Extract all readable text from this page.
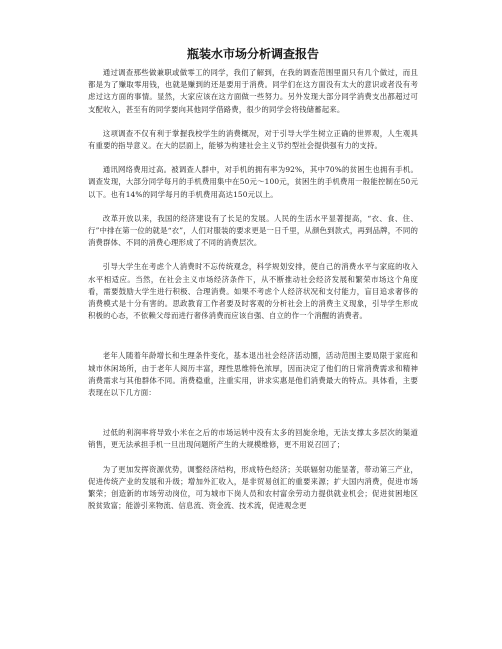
瓶装水市场分析调查报告

通过调查那些做兼职或做零工的同学，我们了解到，在我的调查范围里面只有几个做过，而且都是为了赚取零用钱，也就是赚到的还是要用于消费。同学们在这方面没有太大的意识或者没有考虑过这方面的事情。显然，大家应该在这方面做一些努力。另外发现大部分同学消费支出都超过可支配收入，甚至有的同学要向其他同学借路费，很少的同学会将钱储蓄起来。

这项调查不仅有利于掌握我校学生的消费概况，对于引导大学生树立正确的世界观，人生观具有重要的指导意义。在大的层面上，能够为构建社会主义节约型社会提供强有力的支持。

通讯网络费用过高。被调查人群中，对手机的拥有率为92%，其中70%的贫困生也拥有手机。调查发现，大部分同学每月的手机费用集中在50元～100元，贫困生的手机费用一般能控制在50元以下。也有14%的同学每月的手机费用高达150元以上。

改革开放以来，我国的经济建设有了长足的发展。人民的生活水平显著提高，“衣、食、住、行”中排在第一位的就是“衣”，人们对服装的要求更是一日千里，从颜色到款式，再到品牌，不同的消费群体、不同的消费心理形成了不同的消费层次。

引导大学生在考虑个人消费时不忘传统观念，科学规划安排，使自己的消费水平与家庭的收入水平相适应。当然，在社会主义市场经济条件下，从不断推动社会经济发展和繁荣市场这个角度看，需要鼓励大学生进行积极、合理消费。如果不考虑个人经济状况和支付能力，盲目追求奢侈的消费模式是十分有害的。思政教育工作者要及时客观的分析社会上的消费主义现象，引导学生形成积极的心态，不依赖父母而进行奢侈消费而应该自强、自立的作一个消醒的消费者。

老年人随着年龄增长和生理条件变化，基本退出社会经济活动圈，活动范围主要局限于家庭和城市休闲场所，由于老年人阅历丰富，理性思维特色浓厚，因而决定了他们的日常消费需求和精神消费需求与其他群体不同。消费稳重，注重实用，讲求实惠是他们消费最大的特点。具体看，主要表现在以下几方面：

过低的利润率将导致小米在之后的市场运转中没有太多的回旋余地，无法支撑太多层次的渠道销售，更无法承担手机一旦出现问题所产生的大规模维修，更不用说召回了；

为了更加发挥资源优势，调整经济结构，形成特色经济；关联辐射功能显著，带动第三产业，促进传统产业的发展和升级；增加外汇收入，是非贸易创汇的重要来源；扩大国内消费，促进市场繁荣；创造新的市场劳动岗位，可为城市下岗人员和农村富余劳动力提供就业机会；促进贫困地区脱贫致富；能游引来物流、信息流、资金流、技术流，促进观念更
